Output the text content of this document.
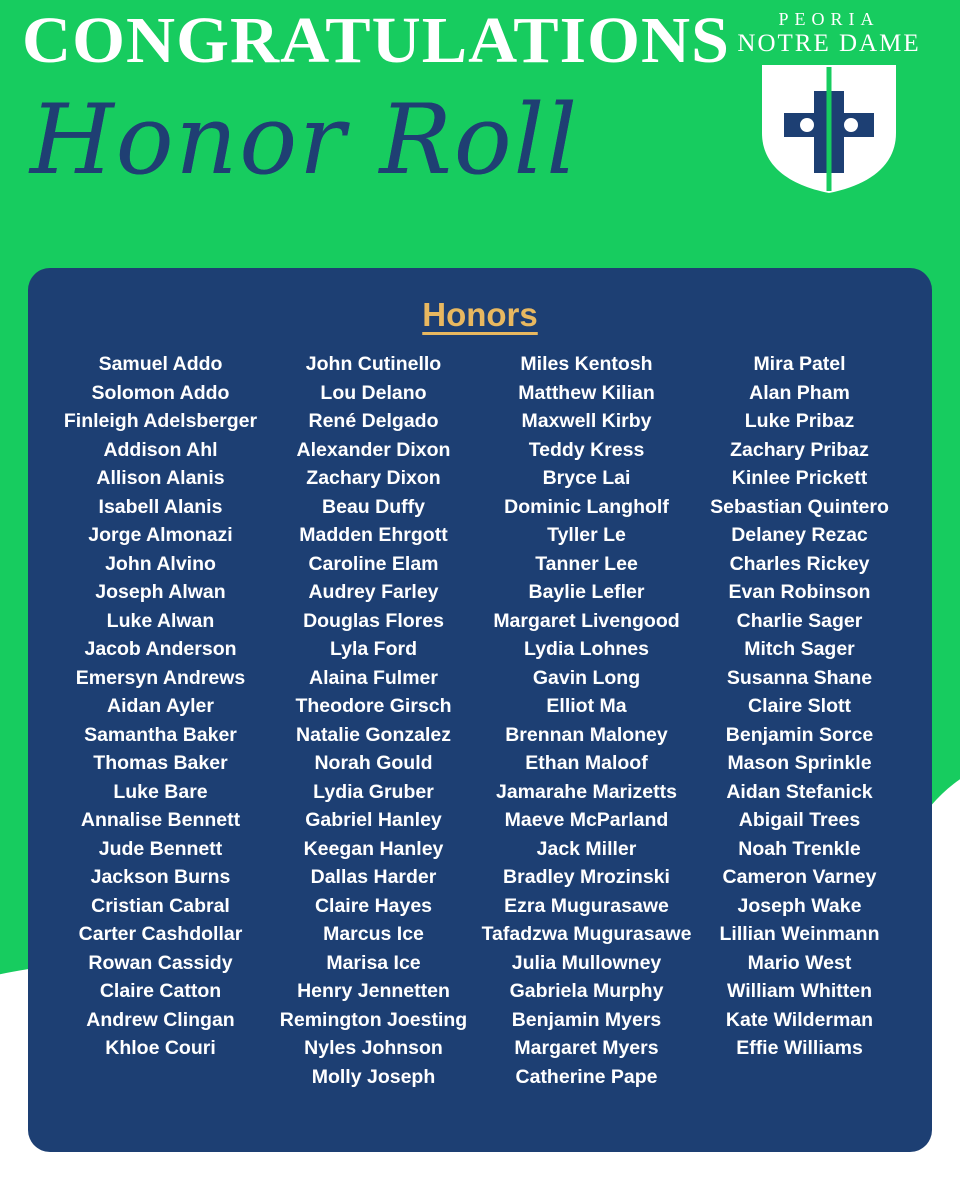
CONGRATULATIONS
Honor Roll
PEORIA
NOTRE DAME
Honors
Samuel Addo
Solomon Addo
Finleigh Adelsberger
Addison Ahl
Allison Alanis
Isabell Alanis
Jorge Almonazi
John Alvino
Joseph Alwan
Luke Alwan
Jacob Anderson
Emersyn Andrews
Aidan Ayler
Samantha Baker
Thomas Baker
Luke Bare
Annalise Bennett
Jude Bennett
Jackson Burns
Cristian Cabral
Carter Cashdollar
Rowan Cassidy
Claire Catton
Andrew Clingan
Khloe Couri
John Cutinello
Lou Delano
René Delgado
Alexander Dixon
Zachary Dixon
Beau Duffy
Madden Ehrgott
Caroline Elam
Audrey Farley
Douglas Flores
Lyla Ford
Alaina Fulmer
Theodore Girsch
Natalie Gonzalez
Norah Gould
Lydia Gruber
Gabriel Hanley
Keegan Hanley
Dallas Harder
Claire Hayes
Marcus Ice
Marisa Ice
Henry Jennetten
Remington Joesting
Nyles Johnson
Molly Joseph
Miles Kentosh
Matthew Kilian
Maxwell Kirby
Teddy Kress
Bryce Lai
Dominic Langholf
Tyller Le
Tanner Lee
Baylie Lefler
Margaret Livengood
Lydia Lohnes
Gavin Long
Elliot Ma
Brennan Maloney
Ethan Maloof
Jamarahe Marizetts
Maeve McParland
Jack Miller
Bradley Mrozinski
Ezra Mugurasawe
Tafadzwa Mugurasawe
Julia Mullowney
Gabriela Murphy
Benjamin Myers
Margaret Myers
Catherine Pape
Mira Patel
Alan Pham
Luke Pribaz
Zachary Pribaz
Kinlee Prickett
Sebastian Quintero
Delaney Rezac
Charles Rickey
Evan Robinson
Charlie Sager
Mitch Sager
Susanna Shane
Claire Slott
Benjamin Sorce
Mason Sprinkle
Aidan Stefanick
Abigail Trees
Noah Trenkle
Cameron Varney
Joseph Wake
Lillian Weinmann
Mario West
William Whitten
Kate Wilderman
Effie Williams
